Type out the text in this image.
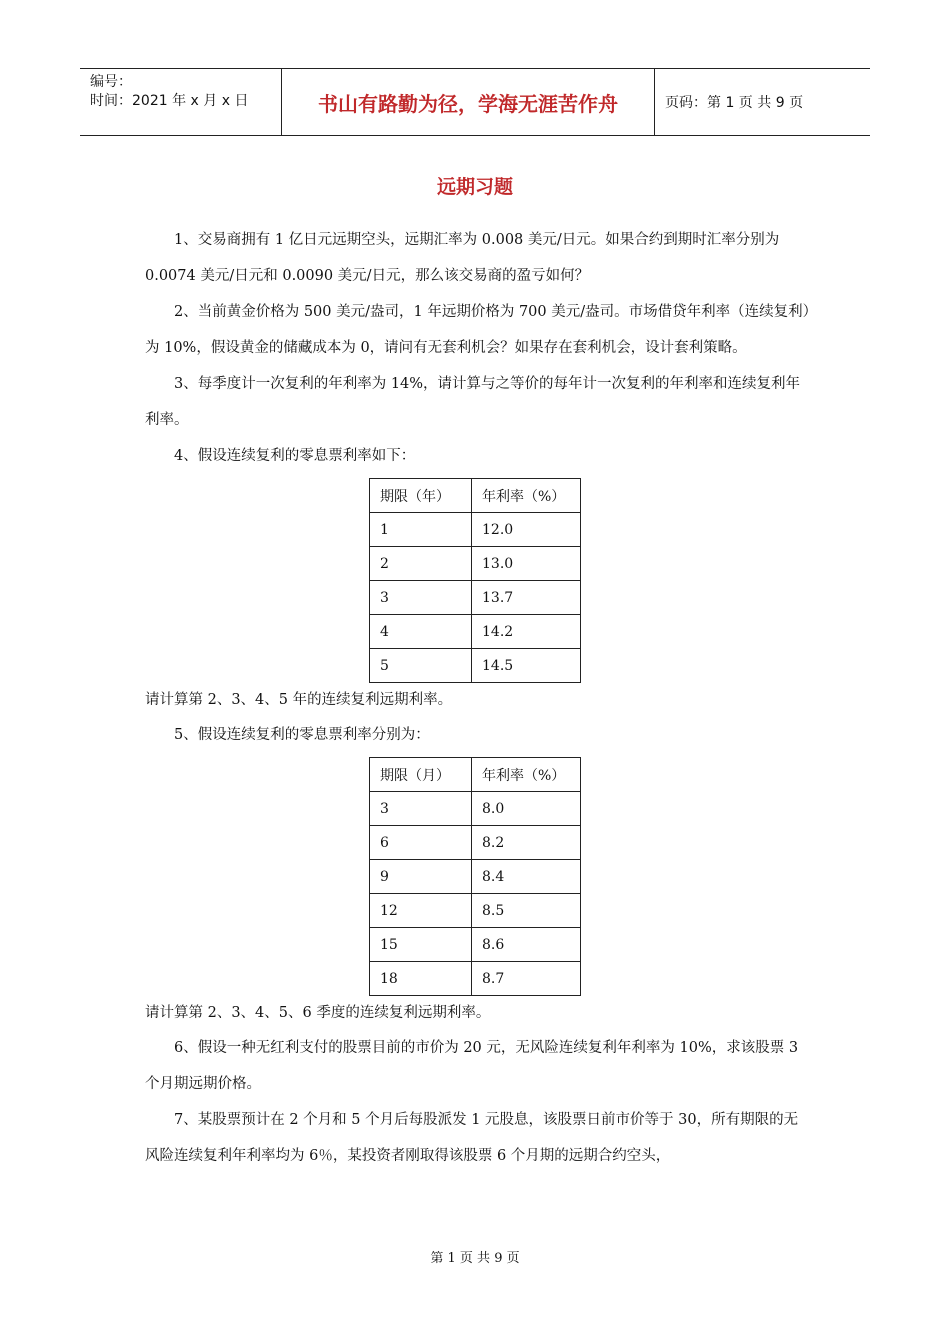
编号：
时间：2021 年 x 月 x 日	书山有路勤为径，学海无涯苦作舟	页码：第 1 页 共 9 页
远期习题

1、交易商拥有 1 亿日元远期空头，远期汇率为 0.008 美元/日元。如果合约到期时汇率分别为 0.0074 美元/日元和 0.0090 美元/日元，那么该交易商的盈亏如何？

2、当前黄金价格为 500 美元/盎司，1 年远期价格为 700 美元/盎司。市场借贷年利率（连续复利）为 10%，假设黄金的储藏成本为 0，请问有无套利机会？如果存在套利机会，设计套利策略。

3、每季度计一次复利的年利率为 14%，请计算与之等价的每年计一次复利的年利率和连续复利年利率。

4、假设连续复利的零息票利率如下：

期限（年）	年利率（%）
1	12.0
2	13.0
3	13.7
4	14.2
5	14.5

请计算第 2、3、4、5 年的连续复利远期利率。

5、假设连续复利的零息票利率分别为：

期限（月）	年利率（%）
3	8.0
6	8.2
9	8.4
12	8.5
15	8.6
18	8.7

请计算第 2、3、4、5、6 季度的连续复利远期利率。

6、假设一种无红利支付的股票目前的市价为 20 元，无风险连续复利年利率为 10%，求该股票 3 个月期远期价格。

7、某股票预计在 2 个月和 5 个月后每股派发 1 元股息，该股票日前市价等于 30，所有期限的无风险连续复利年利率均为 6％，某投资者刚取得该股票 6 个月期的远期合约空头，

第 1 页 共 9 页
